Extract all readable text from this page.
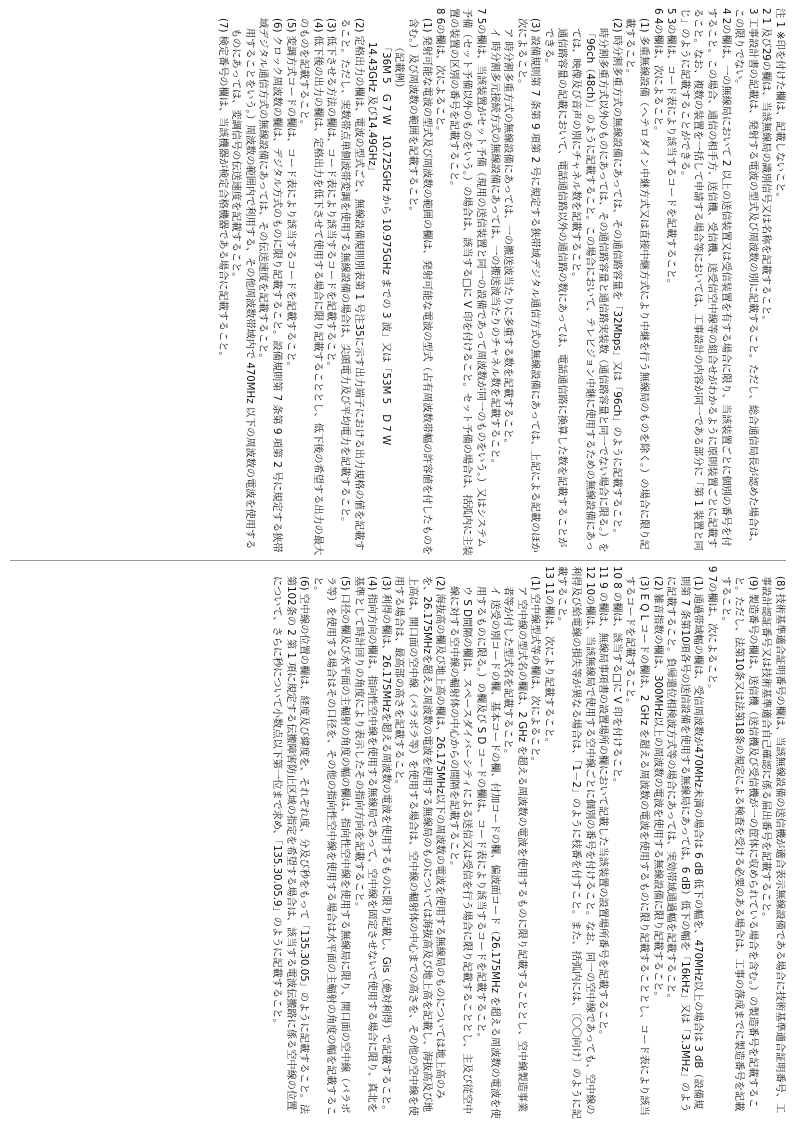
注 1 ※印を付けた欄は、記載しないこと。
2 1 及び29の欄は、当該無線局の識別信号又は名称を記載すること。
3 工事設計書の記載は、発射する電波の型式及び周波数の別に記載すること。ただし、総合通信局長が認めた場合は、この限りでない。
4 2の欄は、一の無線局において 2 以上の送信装置又は受信装置を有する場合に限り、当該装置ごとに個別の番号を付すること。この場合、通信の相手方、送信機、受信機、送受信空中線等の組合せがわかるように原則装置ごとに記載すること。なお、複数の装置を一括して申請する場合等においては、工事設計の内容が同一である部分に「第 1 装置と同じ」のように記載することができる。
5 3の欄は、コード表により該当するコードを記載すること。
6 4の欄は、次によること。
(1) 多重無線設備（ヘテロダイン中継方式又は直接中継方式により中継を行う無線局のものを除く。）の場合に限り記載すること。
(2) 時分割多重方式の無線設備にあっては、その通信路容量を「32Mbps」又は「96ch」のように記載すること。
時分割多重方式以外のものにあっては、その通信路容量と通信路実装数（通信路容量と同一でない場合に限る。）を「96ch（48ch）」のように記載すること。この場合において、テレビジョン中継に使用するための無線設備にあっては、映像及び音声の別にチャネル数を記載すること。
通信路容量の記載において、電話通信路以外の通信路の数にあっては、電話通信路に換算した数を記載することができる。
(3) 設備規則第 7 条第 9 項第 2 号に規定する狭帯域デジタル通信方式の無線設備にあっては、上記による記載のほか次によること。
ア 時分割多重方式の無線設備にあっては、一の搬送波当たりに多重する数を記載すること。
イ 時分割多元接続方式の無線設備にあっては、一の搬送波当たりのチャネル数を記載すること。
7 5の欄は、当該装置がセット予備（現用の送信装置と同一の設備であって周波数が同一のものをいう。）又はシステム予備（セット予備以外のものをいう。）の場合は、該当する□に V 印を付けること。セット予備の場合は、括弧内に主装置の装置の区別の番号を記載すること。
8 6の欄は、次によること。
(1) 発射可能な電波の型式及び周波数の範囲の欄は、発射可能な電波の型式（占有周波数帯幅の許容値を付したものを含む。）及び周波数の範囲を記載すること。
（記載例）
「36M 5　G 7 W　10.725GHz から 10.975GHz までの 3 波」又は「53M 5　D 7 W
14.43GHz 及び14.49GHz」
(2) 定格出力の欄は、電波の型式ごと、無線設備規則別表第 1 号注35に示す出力端子における出力規格の値を記載すること。ただし、実数帯点単側波帯変調を使用する無線設備の場合は、尖頭電力及び平均電力を記載すること。
(3) 低下させる方法の欄は、コード表により該当するコードを記載すること。
(4) 低下後の出力の欄は、定格出力を低下させて使用する場合に限り記載することとし、低下後の希望する出力の最大のものを記載すること。
(5) 変調方式コードの欄は、コード表により該当するコードを記載すること。
(6) クロック周波数の欄は、デジタル方式のものに限り記載すること。設備規則第 7 条第 9 項第 2 号に規定する狭帯域デジタル通信方式の無線設備にあっては、その伝送速度を記載すること。
用することをいう。）周波数の範囲内で利用する、その他周波数帯域内で 470MHz 以下の周波数の電波を使用するものにあっては、変調信号の伝送速度を記載すること。
(7) 検定番号の欄は、当該機器が検定合格機器である場合に記載すること。
(8) 技術基準適合証明番号の欄は、当該無線設備の送信機が適合表示無線設備である場合に技術基準適合証明番号、工事設計認証番号又は技術基準適合自己確認に係る届出番号を記載すること。
(9) 製造番号の欄は、送信機（送信機及び受信機が一の筐体に収められている場合を含む。）の製造番号を記載すること。ただし、法第10条又は法第18条の規定による検査を受ける必要のある場合は、工事の落成までに製造番号を記載すること。
9 7の欄は、次によること。
(1) 通過帯域幅の欄は、受信周波数が470MHz未満の場合は 6 dB 低下の幅を、470MHz以上の場合は 3 dB（設備規則第 7 条第10項各号の送信設備を使用する無線局にあっては、6 dB）低下の幅を「16kHz」又は「3.3MHz」のように記載すること。負帰還位相検波方式等の場合にあっては、実効帯域通過幅を記載すること。
(2) 雑音指数の欄は、300MHz以上の周波数の電波を使用する無線設備に限り記載すること。
(3) E Q L コードの欄は、2 GHz を超える周波数の電波を使用するものに限り記載することとし、コード表により該当するコードを記載すること。
10 8 の欄は、該当する□に V 印を付けること。
11 9 の欄は、無線局事項書の設置場所の欄において記載した当該装置の設置場所番号を記載すること。
12 10の欄は、当該無線局で使用する空中線ごとに個別の番号を付けること。なお、同一の空中線であっても、空中線の利得及び給電線の損失等が異なる場合は、「1－2」のように枝番を付すこと。また、括弧内には、〔〇〇向け〕のように記載すること。
13 11の欄は、次により記載すること。
(1) 空中線型式等の欄は、次によること。
ア 空中線の型式名の欄は、2 GHz を超える周波数の電波を使用するものに限り記載することとし、空中線製造事業者等が付した型式名を記載すること。
イ 送受の別コードの欄、基本コードの欄、付加コードの欄、偏波面コード（26.175MHz を超える周波数の電波を使用するものに限る。）の欄及び S D コードの欄は、コード表により該当するコードを記載すること。
ウ S D間隔の欄は、スペースダイバーシティによる送信又は受信を行う場合に限り記載することとし、主及び従空中線に対する空中線の輻射体の中心からの間隔を記載すること。
(2) 海抜高の欄及び地上高の欄は、26.175MHz以下の周波数の電波を使用する無線局のものについては地上高のみを、26.175MHzを超える周波数の電波を使用する無線局のものについては海抜高及び地上高を記載し、海抜高及び地上高は、開口面の空中線（パラボラ等）を使用する場合は、空中線の輻射体の中心までの高さを、その他の空中線を使用する場合は、最高部の高さを記載すること。
(3) 利得の欄は、26.175MHzを超える周波数の電波を使用するものに限り記載し、Gis（絶対利得）で記載すること。
(4) 指向方向の欄は、指向性空中線を使用する無線局であって、空中線を固定させないで使用する場合に限り、真北を基準として時計回りの角度により表示したその指向方向を記載すること。
(5) 口径の欄及び水平面の主輻射の角度の幅の欄は、指向性空中線を使用する無線局に限り、開口面の空中線（パラボラ等）を使用する場合はその口径を、その他の指向性空中線を使用する場合は水平面の主輻射の角度の幅を記載すること。
(6) 空中線の位置の欄は、経度及び緯度を、それぞれ度、分及び秒をもって「135.30.05」のように記載すること。法第102条の 2 第 1 項に規定する伝搬障害防止区域の指定を希望する場合は、該当する電波伝搬路に係る空中線の位置について、さらに秒について小数点以下第一位まで求め、「135.30.05.9」のように記載すること。
